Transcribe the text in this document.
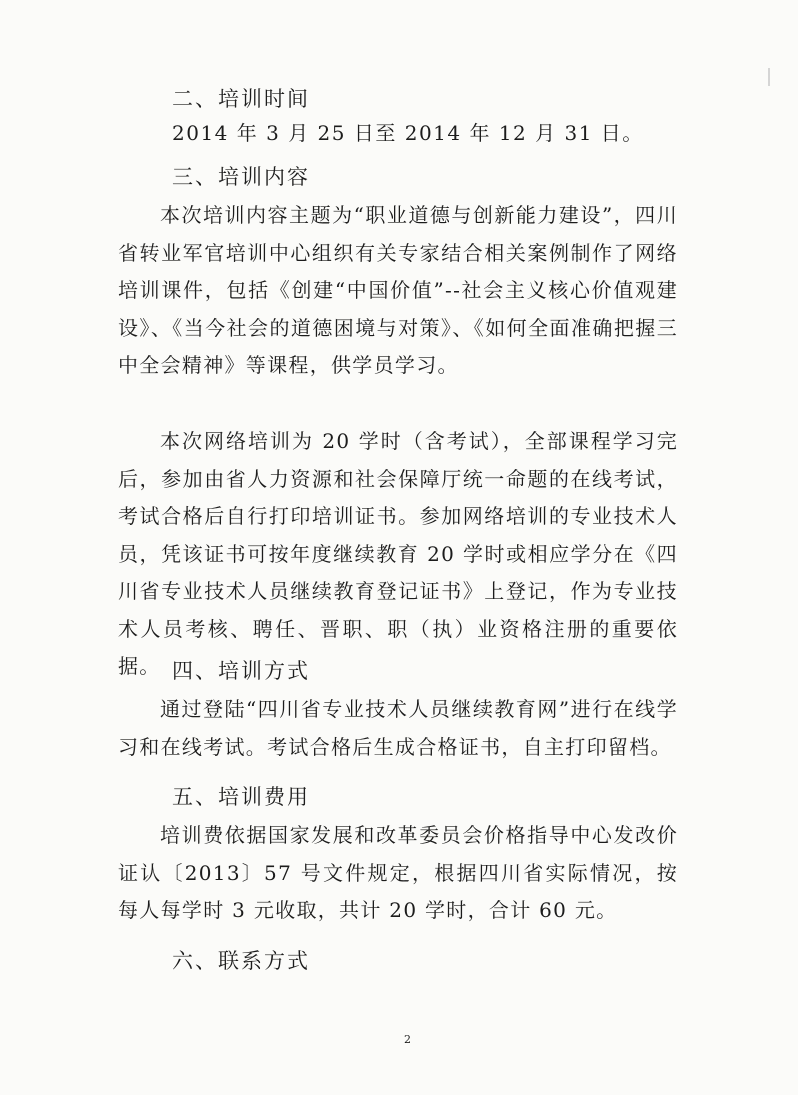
二、培训时间
2014 年 3 月 25 日至 2014 年 12 月 31 日。
三、培训内容
本次培训内容主题为“职业道德与创新能力建设”，四川省转业军官培训中心组织有关专家结合相关案例制作了网络培训课件，包括《创建“中国价值”--社会主义核心价值观建设》、《当今社会的道德困境与对策》、《如何全面准确把握三中全会精神》等课程，供学员学习。
本次网络培训为 20 学时（含考试），全部课程学习完后，参加由省人力资源和社会保障厅统一命题的在线考试，考试合格后自行打印培训证书。参加网络培训的专业技术人员，凭该证书可按年度继续教育 20 学时或相应学分在《四川省专业技术人员继续教育登记证书》上登记，作为专业技术人员考核、聘任、晋职、职（执）业资格注册的重要依据。 四、培训方式
通过登陆“四川省专业技术人员继续教育网”进行在线学习和在线考试。考试合格后生成合格证书，自主打印留档。
五、培训费用
培训费依据国家发展和改革委员会价格指导中心发改价证认〔2013〕57 号文件规定，根据四川省实际情况，按每人每学时 3 元收取，共计 20 学时，合计 60 元。
六、联系方式
2
